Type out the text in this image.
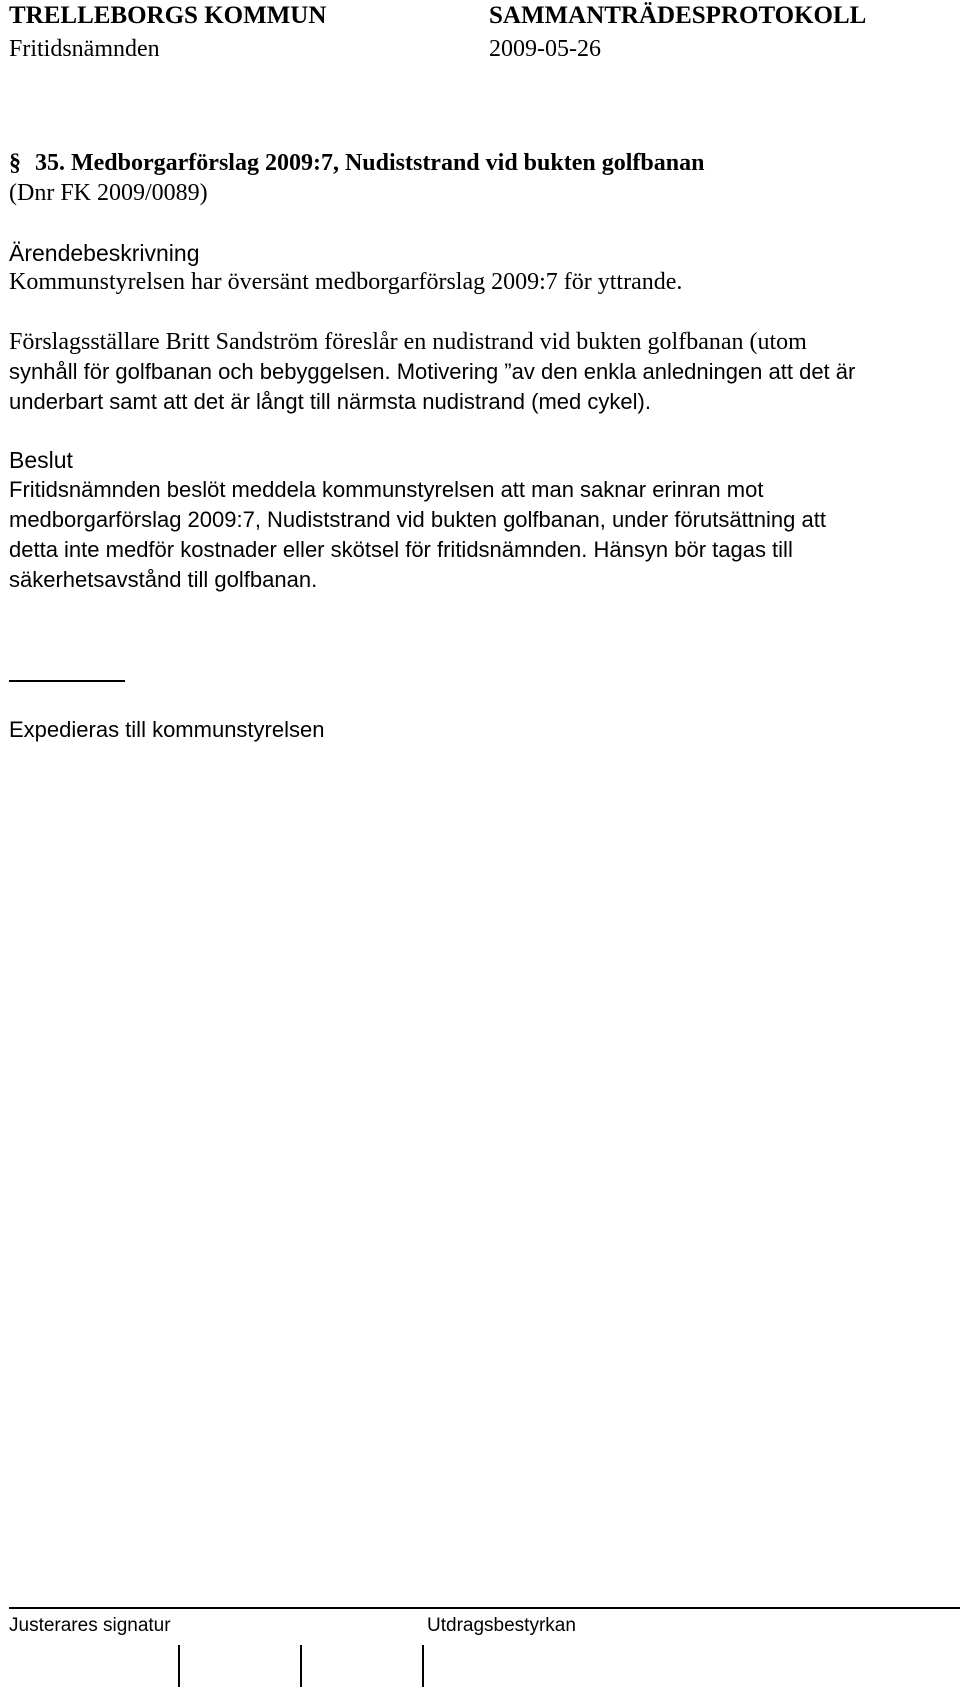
TRELLEBORGS KOMMUN	SAMMANTRÄDESPROTOKOLL
Fritidsnämnden	2009-05-26
§ 35. Medborgarförslag 2009:7, Nudiststrand vid bukten golfbanan
(Dnr FK 2009/0089)
Ärendebeskrivning
Kommunstyrelsen har översänt medborgarförslag 2009:7 för yttrande.
Förslagsställare Britt Sandström föreslår en nudistrand vid bukten golfbanan (utom
synhåll för golfbanan och bebyggelsen. Motivering ”av den enkla anledningen att det är
underbart samt att det är långt till närmsta nudistrand (med cykel).
Beslut
Fritidsnämnden beslöt meddela kommunstyrelsen att man saknar erinran mot
medborgarförslag 2009:7, Nudiststrand vid bukten golfbanan, under förutsättning att
detta inte medför kostnader eller skötsel för fritidsnämnden. Hänsyn bör tagas till
säkerhetsavstånd till golfbanan.
Expedieras till kommunstyrelsen
Justerares signatur	Utdragsbestyrkan
